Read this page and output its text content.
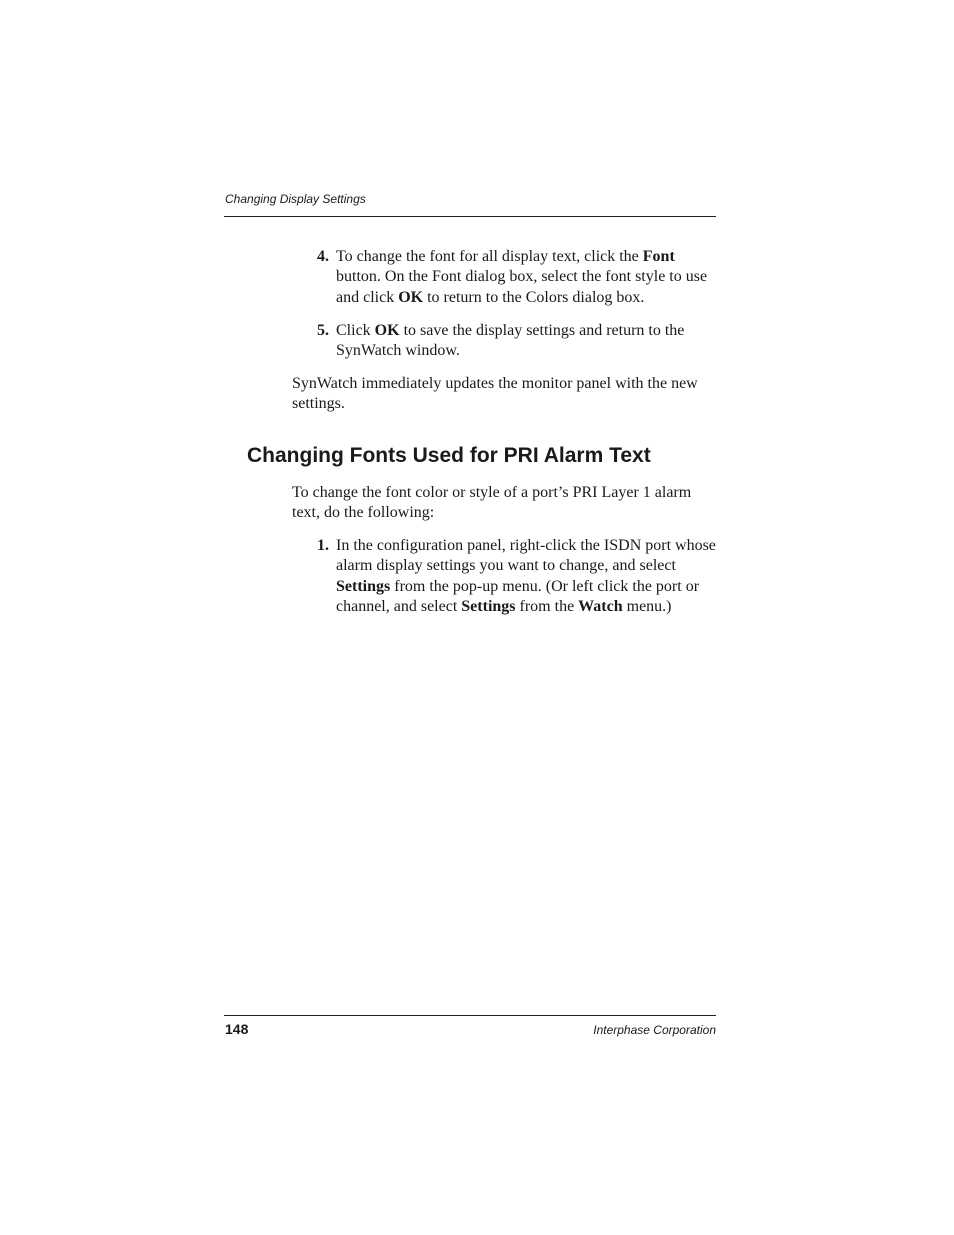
Changing Display Settings

4. To change the font for all display text, click the Font button. On the Font dialog box, select the font style to use and click OK to return to the Colors dialog box.
5. Click OK to save the display settings and return to the SynWatch window.

SynWatch immediately updates the monitor panel with the new settings.

Changing Fonts Used for PRI Alarm Text

To change the font color or style of a port’s PRI Layer 1 alarm text, do the following:

1. In the configuration panel, right-click the ISDN port whose alarm display settings you want to change, and select Settings from the pop-up menu. (Or left click the port or channel, and select Settings from the Watch menu.)
148	Interphase Corporation
